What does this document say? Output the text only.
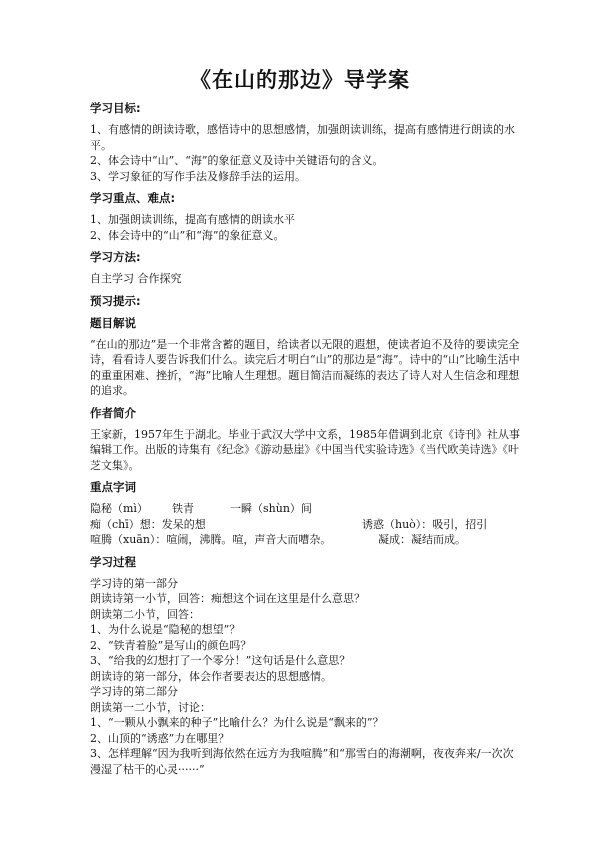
《在山的那边》导学案
学习目标:
1、有感情的朗读诗歌，感悟诗中的思想感情，加强朗读训练，提高有感情进行朗读的水平。
2、体会诗中“山”、“海”的象征意义及诗中关键语句的含义。
3、学习象征的写作手法及修辞手法的运用。
学习重点、难点:
1、加强朗读训练，提高有感情的朗读水平
2、体会诗中的“山”和“海”的象征意义。
学习方法:
自主学习 合作探究
预习提示:
题目解说
“在山的那边”是一个非常含蓄的题目，给读者以无限的遐想，使读者迫不及待的要读完全诗，看看诗人要告诉我们什么。读完后才明白“山”的那边是“海”。诗中的“山”比喻生活中的重重困难、挫折，“海”比喻人生理想。题目简洁而凝练的表达了诗人对人生信念和理想的追求。
作者简介
王家新，1957年生于湖北。毕业于武汉大学中文系，1985年借调到北京《诗刊》社从事编辑工作。出版的诗集有《纪念》《游动悬崖》《中国当代实验诗选》《当代欧美诗选》《叶芝文集》。
重点字词
隐秘（mì） 铁青	一瞬（shùn）间
痴（chī）想：发呆的想	诱惑（huò）：吸引，招引
喧腾（xuān）：喧闹，沸腾。喧，声音大而嘈杂。	凝成：凝结而成。
学习过程
学习诗的第一部分
朗读诗第一小节，回答：痴想这个词在这里是什么意思？
朗读第二小节，回答：
1、为什么说是“隐秘的想望”？
2、“铁青着脸”是写山的颜色吗？
3、“给我的幻想打了一个零分！”这句话是什么意思？
朗读诗的第一部分，体会作者要表达的思想感情。
学习诗的第二部分
朗读第一二小节，讨论：
1、“一颗从小飘来的种子”比喻什么？为什么说是“飘来的”？
2、山顶的“诱惑”力在哪里？
3、怎样理解“因为我听到海依然在远方为我喧腾”和“那雪白的海潮啊，夜夜奔来/一次次漫湿了枯干的心灵······”
